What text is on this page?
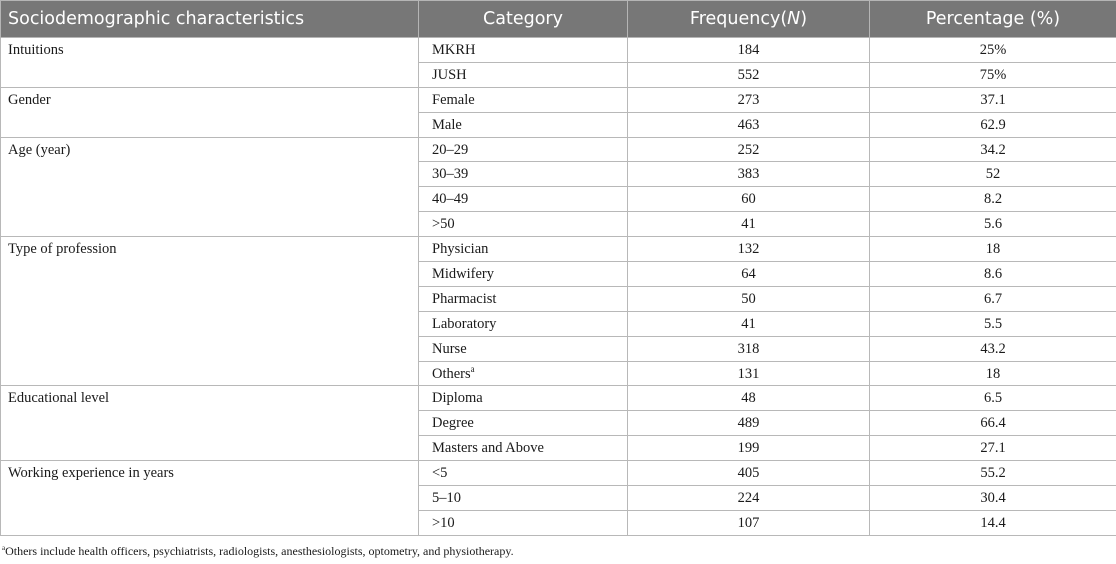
Sociodemographic characteristics	Category	Frequency(N)	Percentage (%)
Intuitions	MKRH	184	25%
	JUSH	552	75%
Gender	Female	273	37.1
	Male	463	62.9
Age (year)	20–29	252	34.2
	30–39	383	52
	40–49	60	8.2
	>50	41	5.6
Type of profession	Physician	132	18
	Midwifery	64	8.6
	Pharmacist	50	6.7
	Laboratory	41	5.5
	Nurse	318	43.2
	Others$^a$	131	18
Educational level	Diploma	48	6.5
	Degree	489	66.4
	Masters and Above	199	27.1
Working experience in years	<5	405	55.2
	5–10	224	30.4
	>10	107	14.4
$^a$Others include health officers, psychiatrists, radiologists, anesthesiologists, optometry, and physiotherapy.
